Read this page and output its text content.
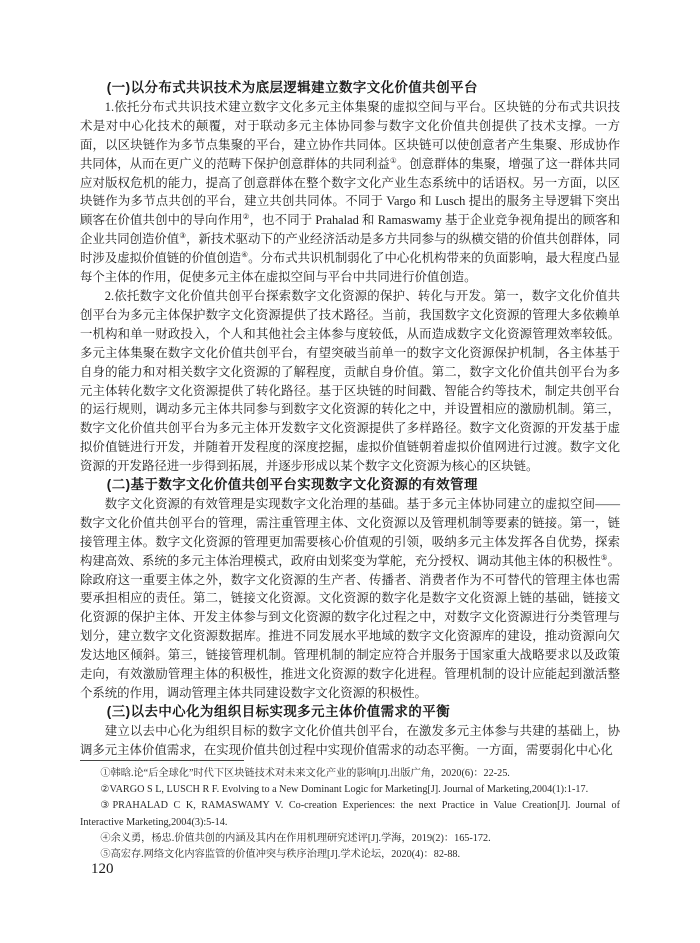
(一)以分布式共识技术为底层逻辑建立数字文化价值共创平台

1.依托分布式共识技术建立数字文化多元主体集聚的虚拟空间与平台。区块链的分布式共识技术是对中心化技术的颠覆，对于联动多元主体协同参与数字文化价值共创提供了技术支撑。一方面，以区块链作为多节点集聚的平台，建立协作共同体。区块链可以使创意者产生集聚、形成协作共同体，从而在更广义的范畴下保护创意群体的共同利益①。创意群体的集聚，增强了这一群体共同应对版权危机的能力，提高了创意群体在整个数字文化产业生态系统中的话语权。另一方面，以区块链作为多节点共创的平台，建立共创共同体。不同于 Vargo 和 Lusch 提出的服务主导逻辑下突出顾客在价值共创中的导向作用②，也不同于 Prahalad 和 Ramaswamy 基于企业竞争视角提出的顾客和企业共同创造价值③，新技术驱动下的产业经济活动是多方共同参与的纵横交错的价值共创群体，同时涉及虚拟价值链的价值创造④。分布式共识机制弱化了中心化机构带来的负面影响，最大程度凸显每个主体的作用，促使多元主体在虚拟空间与平台中共同进行价值创造。

2.依托数字文化价值共创平台探索数字文化资源的保护、转化与开发。第一，数字文化价值共创平台为多元主体保护数字文化资源提供了技术路径。当前，我国数字文化资源的管理大多依赖单一机构和单一财政投入，个人和其他社会主体参与度较低，从而造成数字文化资源管理效率较低。多元主体集聚在数字文化价值共创平台，有望突破当前单一的数字文化资源保护机制，各主体基于自身的能力和对相关数字文化资源的了解程度，贡献自身价值。第二，数字文化价值共创平台为多元主体转化数字文化资源提供了转化路径。基于区块链的时间戳、智能合约等技术，制定共创平台的运行规则，调动多元主体共同参与到数字文化资源的转化之中，并设置相应的激励机制。第三，数字文化价值共创平台为多元主体开发数字文化资源提供了多样路径。数字文化资源的开发基于虚拟价值链进行开发，并随着开发程度的深度挖掘，虚拟价值链朝着虚拟价值网进行过渡。数字文化资源的开发路径进一步得到拓展，并逐步形成以某个数字文化资源为核心的区块链。

(二)基于数字文化价值共创平台实现数字文化资源的有效管理

数字文化资源的有效管理是实现数字文化治理的基础。基于多元主体协同建立的虚拟空间——数字文化价值共创平台的管理，需注重管理主体、文化资源以及管理机制等要素的链接。第一，链接管理主体。数字文化资源的管理更加需要核心价值观的引领，吸纳多元主体发挥各自优势，探索构建高效、系统的多元主体治理模式，政府由划桨变为掌舵，充分授权、调动其他主体的积极性⑤。除政府这一重要主体之外，数字文化资源的生产者、传播者、消费者作为不可替代的管理主体也需要承担相应的责任。第二，链接文化资源。文化资源的数字化是数字文化资源上链的基础，链接文化资源的保护主体、开发主体参与到文化资源的数字化过程之中，对数字文化资源进行分类管理与划分，建立数字文化资源数据库。推进不同发展水平地域的数字文化资源库的建设，推动资源向欠发达地区倾斜。第三，链接管理机制。管理机制的制定应符合并服务于国家重大战略要求以及政策走向，有效激励管理主体的积极性，推进文化资源的数字化进程。管理机制的设计应能起到激活整个系统的作用，调动管理主体共同建设数字文化资源的积极性。

(三)以去中心化为组织目标实现多元主体价值需求的平衡

建立以去中心化为组织目标的数字文化价值共创平台，在激发多元主体参与共建的基础上，协调多元主体价值需求，在实现价值共创过程中实现价值需求的动态平衡。一方面，需要弱化中心化

①韩晗.论“后全球化”时代下区块链技术对未来文化产业的影响[J].出版广角，2020(6)：22-25.

②VARGO S L, LUSCH R F. Evolving to a New Dominant Logic for Marketing[J]. Journal of Marketing,2004(1):1-17.

③PRAHALAD C K, RAMASWAMY V. Co-creation Experiences: the next Practice in Value Creation[J]. Journal of Interactive Marketing,2004(3):5-14.

④余义勇，杨忠.价值共创的内涵及其内在作用机理研究述评[J].学海，2019(2)：165-172.

⑤高宏存.网络文化内容监管的价值冲突与秩序治理[J].学术论坛，2020(4)：82-88.

120
